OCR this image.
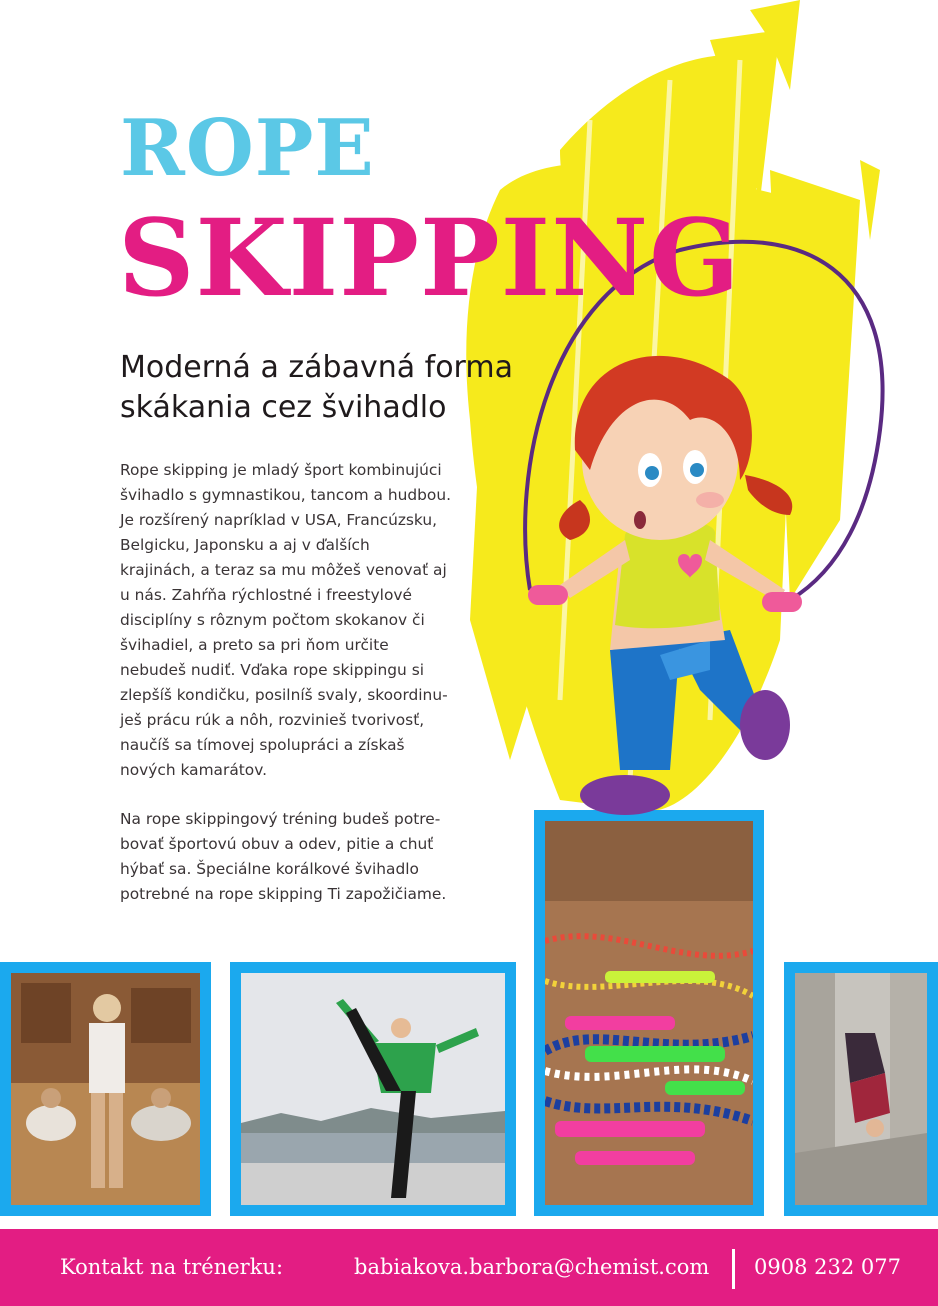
ROPE
SKIPPING
Moderná a zábavná forma skákania cez švihadlo

Rope skipping je mladý šport kombinujúci
švihadlo s gymnastikou, tancom a hudbou.
Je rozšírený napríklad v USA, Francúzsku,
Belgicku, Japonsku a aj v ďalších
krajinách, a teraz sa mu môžeš venovať aj
u nás. Zahŕňa rýchlostné i freestylové
disciplíny s rôznym počtom skokanov či
švihadiel, a preto sa pri ňom určite
nebudeš nudiť. Vďaka rope skippingu si
zlepšíš kondičku, posilníš svaly, skoordinu-
ješ prácu rúk a nôh, rozvinieš tvorivosť,
naučíš sa tímovej spolupráci a získaš
nových kamarátov.

Na rope skippingový tréning budeš potre-
bovať športovú obuv a odev, pitie a chuť
hýbať sa. Špeciálne korálkové švihadlo
potrebné na rope skipping Ti zapožičiame.

Kontakt na trénerku:	babiakova.barbora@chemist.com 0908 232 077
